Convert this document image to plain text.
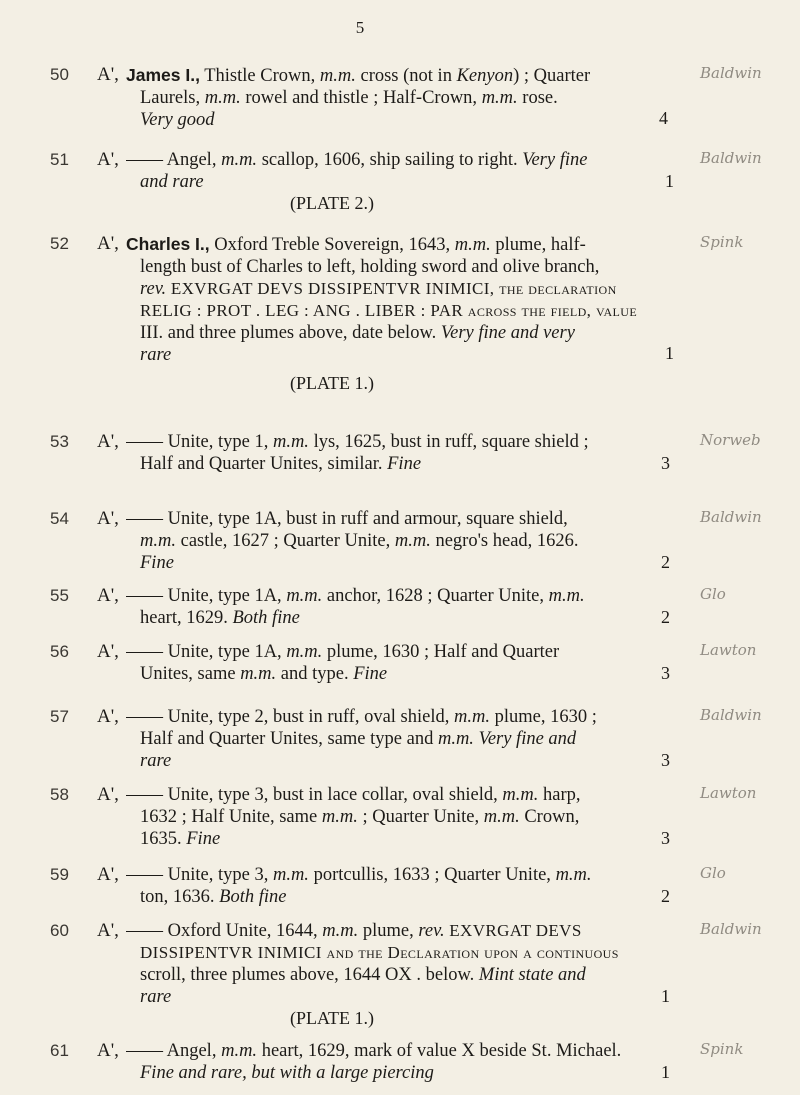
5
50	A', James I., Thistle Crown, m.m. cross (not in Kenyon) ; Quarter
Laurels, m.m. rowel and thistle ; Half-Crown, m.m. rose.
Very good	4
Baldwin
51	A', —— Angel, m.m. scallop, 1606, ship sailing to right. Very fine
and rare	1
(PLATE 2.)
Baldwin
52	A', Charles I., Oxford Treble Sovereign, 1643, m.m. plume, half-
length bust of Charles to left, holding sword and olive branch,
rev. EXVRGAT DEVS DISSIPENTVR INIMICI, the declaration
RELIG : PROT . LEG : ANG . LIBER : PAR across the field, value
III. and three plumes above, date below. Very fine and very
rare	1
(PLATE 1.)
Spink
53	A', —— Unite, type 1, m.m. lys, 1625, bust in ruff, square shield ;
Half and Quarter Unites, similar. Fine	3
Norweb
54	A', —— Unite, type 1A, bust in ruff and armour, square shield,
m.m. castle, 1627 ; Quarter Unite, m.m. negro's head, 1626.
Fine	2
Baldwin
55	A', —— Unite, type 1A, m.m. anchor, 1628 ; Quarter Unite, m.m.
heart, 1629. Both fine	2
Glo
56	A', —— Unite, type 1A, m.m. plume, 1630 ; Half and Quarter
Unites, same m.m. and type. Fine	3
Lawton
57	A', —— Unite, type 2, bust in ruff, oval shield, m.m. plume, 1630 ;
Half and Quarter Unites, same type and m.m. Very fine and
rare	3
Baldwin
58	A', —— Unite, type 3, bust in lace collar, oval shield, m.m. harp,
1632 ; Half Unite, same m.m. ; Quarter Unite, m.m. Crown,
1635. Fine	3
Lawton
59	A', —— Unite, type 3, m.m. portcullis, 1633 ; Quarter Unite, m.m.
ton, 1636. Both fine	2
Glo
60	A', —— Oxford Unite, 1644, m.m. plume, rev. EXVRGAT DEVS
DISSIPENTVR INIMICI and the Declaration upon a continuous
scroll, three plumes above, 1644 OX . below. Mint state and
rare	1
(PLATE 1.)
Baldwin
61	A', —— Angel, m.m. heart, 1629, mark of value X beside St. Michael.
Fine and rare, but with a large piercing	1
Spink
